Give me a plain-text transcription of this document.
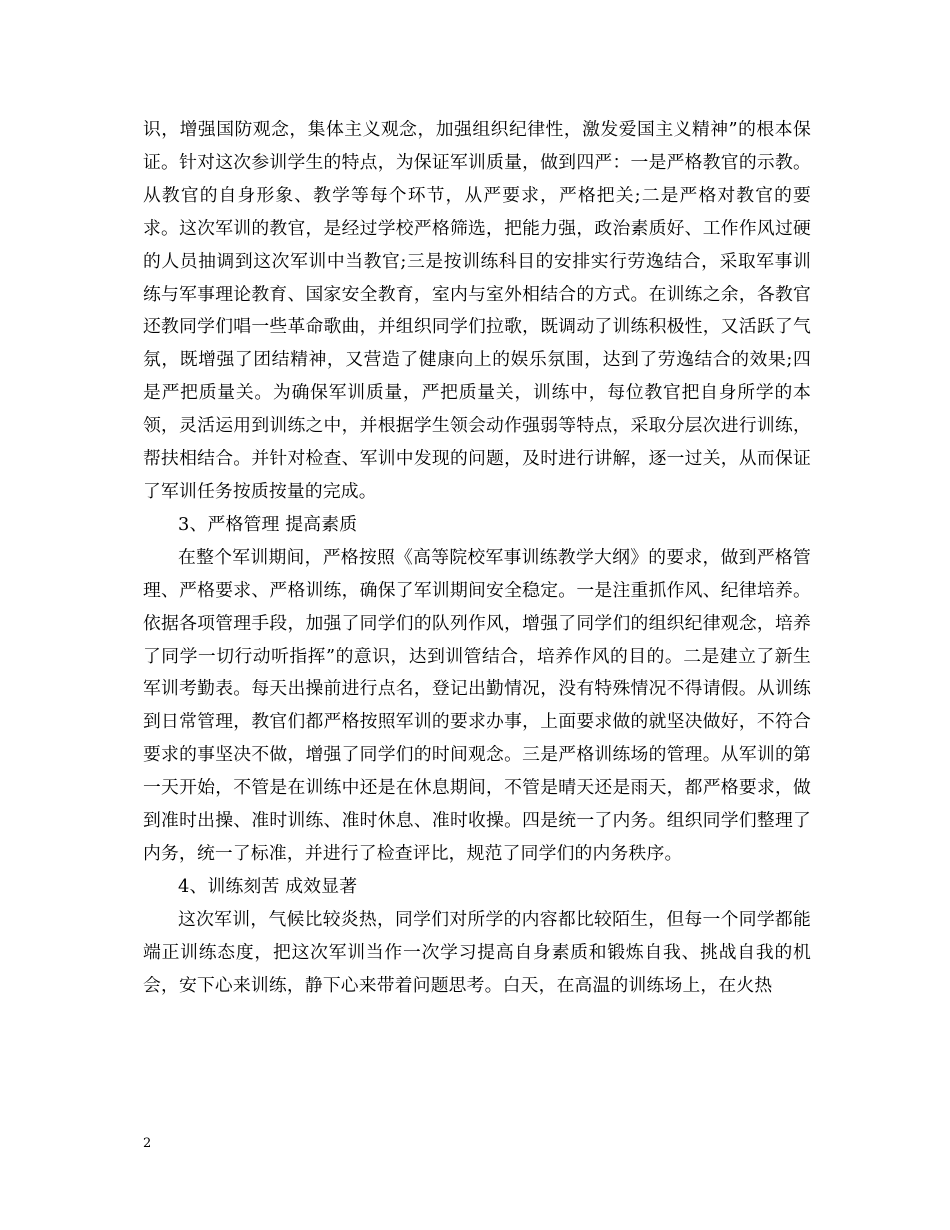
识，增强国防观念，集体主义观念，加强组织纪律性，激发爱国主义精神”的根本保证。针对这次参训学生的特点，为保证军训质量，做到四严：一是严格教官的示教。从教官的自身形象、教学等每个环节，从严要求，严格把关;二是严格对教官的要求。这次军训的教官，是经过学校严格筛选，把能力强，政治素质好、工作作风过硬的人员抽调到这次军训中当教官;三是按训练科目的安排实行劳逸结合，采取军事训练与军事理论教育、国家安全教育，室内与室外相结合的方式。在训练之余，各教官还教同学们唱一些革命歌曲，并组织同学们拉歌，既调动了训练积极性，又活跃了气氛，既增强了团结精神，又营造了健康向上的娱乐氛围，达到了劳逸结合的效果;四是严把质量关。为确保军训质量，严把质量关，训练中，每位教官把自身所学的本领，灵活运用到训练之中，并根据学生领会动作强弱等特点，采取分层次进行训练，帮扶相结合。并针对检查、军训中发现的问题，及时进行讲解，逐一过关，从而保证了军训任务按质按量的完成。

3、严格管理 提高素质

在整个军训期间，严格按照《高等院校军事训练教学大纲》的要求，做到严格管理、严格要求、严格训练，确保了军训期间安全稳定。一是注重抓作风、纪律培养。依据各项管理手段，加强了同学们的队列作风，增强了同学们的组织纪律观念，培养了同学一切行动听指挥”的意识，达到训管结合，培养作风的目的。二是建立了新生军训考勤表。每天出操前进行点名，登记出勤情况，没有特殊情况不得请假。从训练到日常管理，教官们都严格按照军训的要求办事，上面要求做的就坚决做好，不符合要求的事坚决不做，增强了同学们的时间观念。三是严格训练场的管理。从军训的第一天开始，不管是在训练中还是在休息期间，不管是晴天还是雨天，都严格要求，做到准时出操、准时训练、准时休息、准时收操。四是统一了内务。组织同学们整理了内务，统一了标准，并进行了检查评比，规范了同学们的内务秩序。

4、训练刻苦 成效显著

这次军训，气候比较炎热，同学们对所学的内容都比较陌生，但每一个同学都能端正训练态度，把这次军训当作一次学习提高自身素质和锻炼自我、挑战自我的机会，安下心来训练，静下心来带着问题思考。白天，在高温的训练场上，在火热

2
